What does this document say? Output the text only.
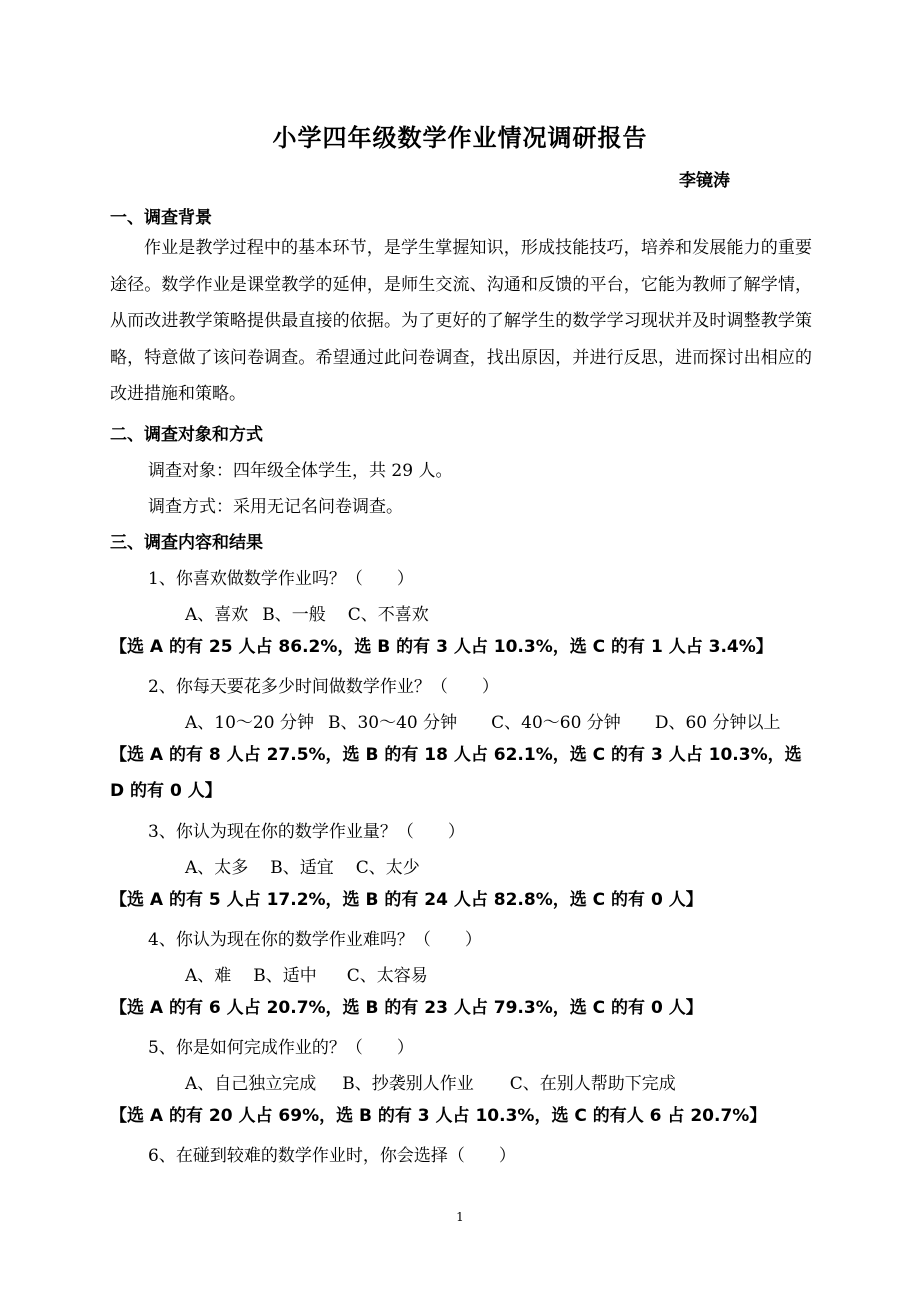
小学四年级数学作业情况调研报告
李镜涛
一、调查背景
作业是教学过程中的基本环节，是学生掌握知识，形成技能技巧，培养和发展能力的重要途径。数学作业是课堂教学的延伸，是师生交流、沟通和反馈的平台，它能为教师了解学情，从而改进教学策略提供最直接的依据。为了更好的了解学生的数学学习现状并及时调整教学策略，特意做了该问卷调查。希望通过此问卷调查，找出原因，并进行反思，进而探讨出相应的改进措施和策略。
二、调查对象和方式
调查对象：四年级全体学生，共 29 人。
调查方式：采用无记名问卷调查。
三、调查内容和结果
1、你喜欢做数学作业吗？（　　）
A、喜欢 B、一般 C、不喜欢
【选 A 的有 25 人占 86.2%，选 B 的有 3 人占 10.3%，选 C 的有 1 人占 3.4%】
2、你每天要花多少时间做数学作业？（　　）
A、10～20 分钟 B、30～40 分钟 C、40～60 分钟 D、60 分钟以上
【选 A 的有 8 人占 27.5%，选 B 的有 18 人占 62.1%，选 C 的有 3 人占 10.3%，选 D 的有 0 人】
3、你认为现在你的数学作业量？（　　）
A、太多 B、适宜 C、太少
【选 A 的有 5 人占 17.2%，选 B 的有 24 人占 82.8%，选 C 的有 0 人】
4、你认为现在你的数学作业难吗？（　　）
A、难 B、适中 C、太容易
【选 A 的有 6 人占 20.7%，选 B 的有 23 人占 79.3%，选 C 的有 0 人】
5、你是如何完成作业的？（　　）
A、自己独立完成 B、抄袭别人作业 C、在别人帮助下完成
【选 A 的有 20 人占 69%，选 B 的有 3 人占 10.3%，选 C 的有人 6 占 20.7%】
6、在碰到较难的数学作业时，你会选择（　　）
1
